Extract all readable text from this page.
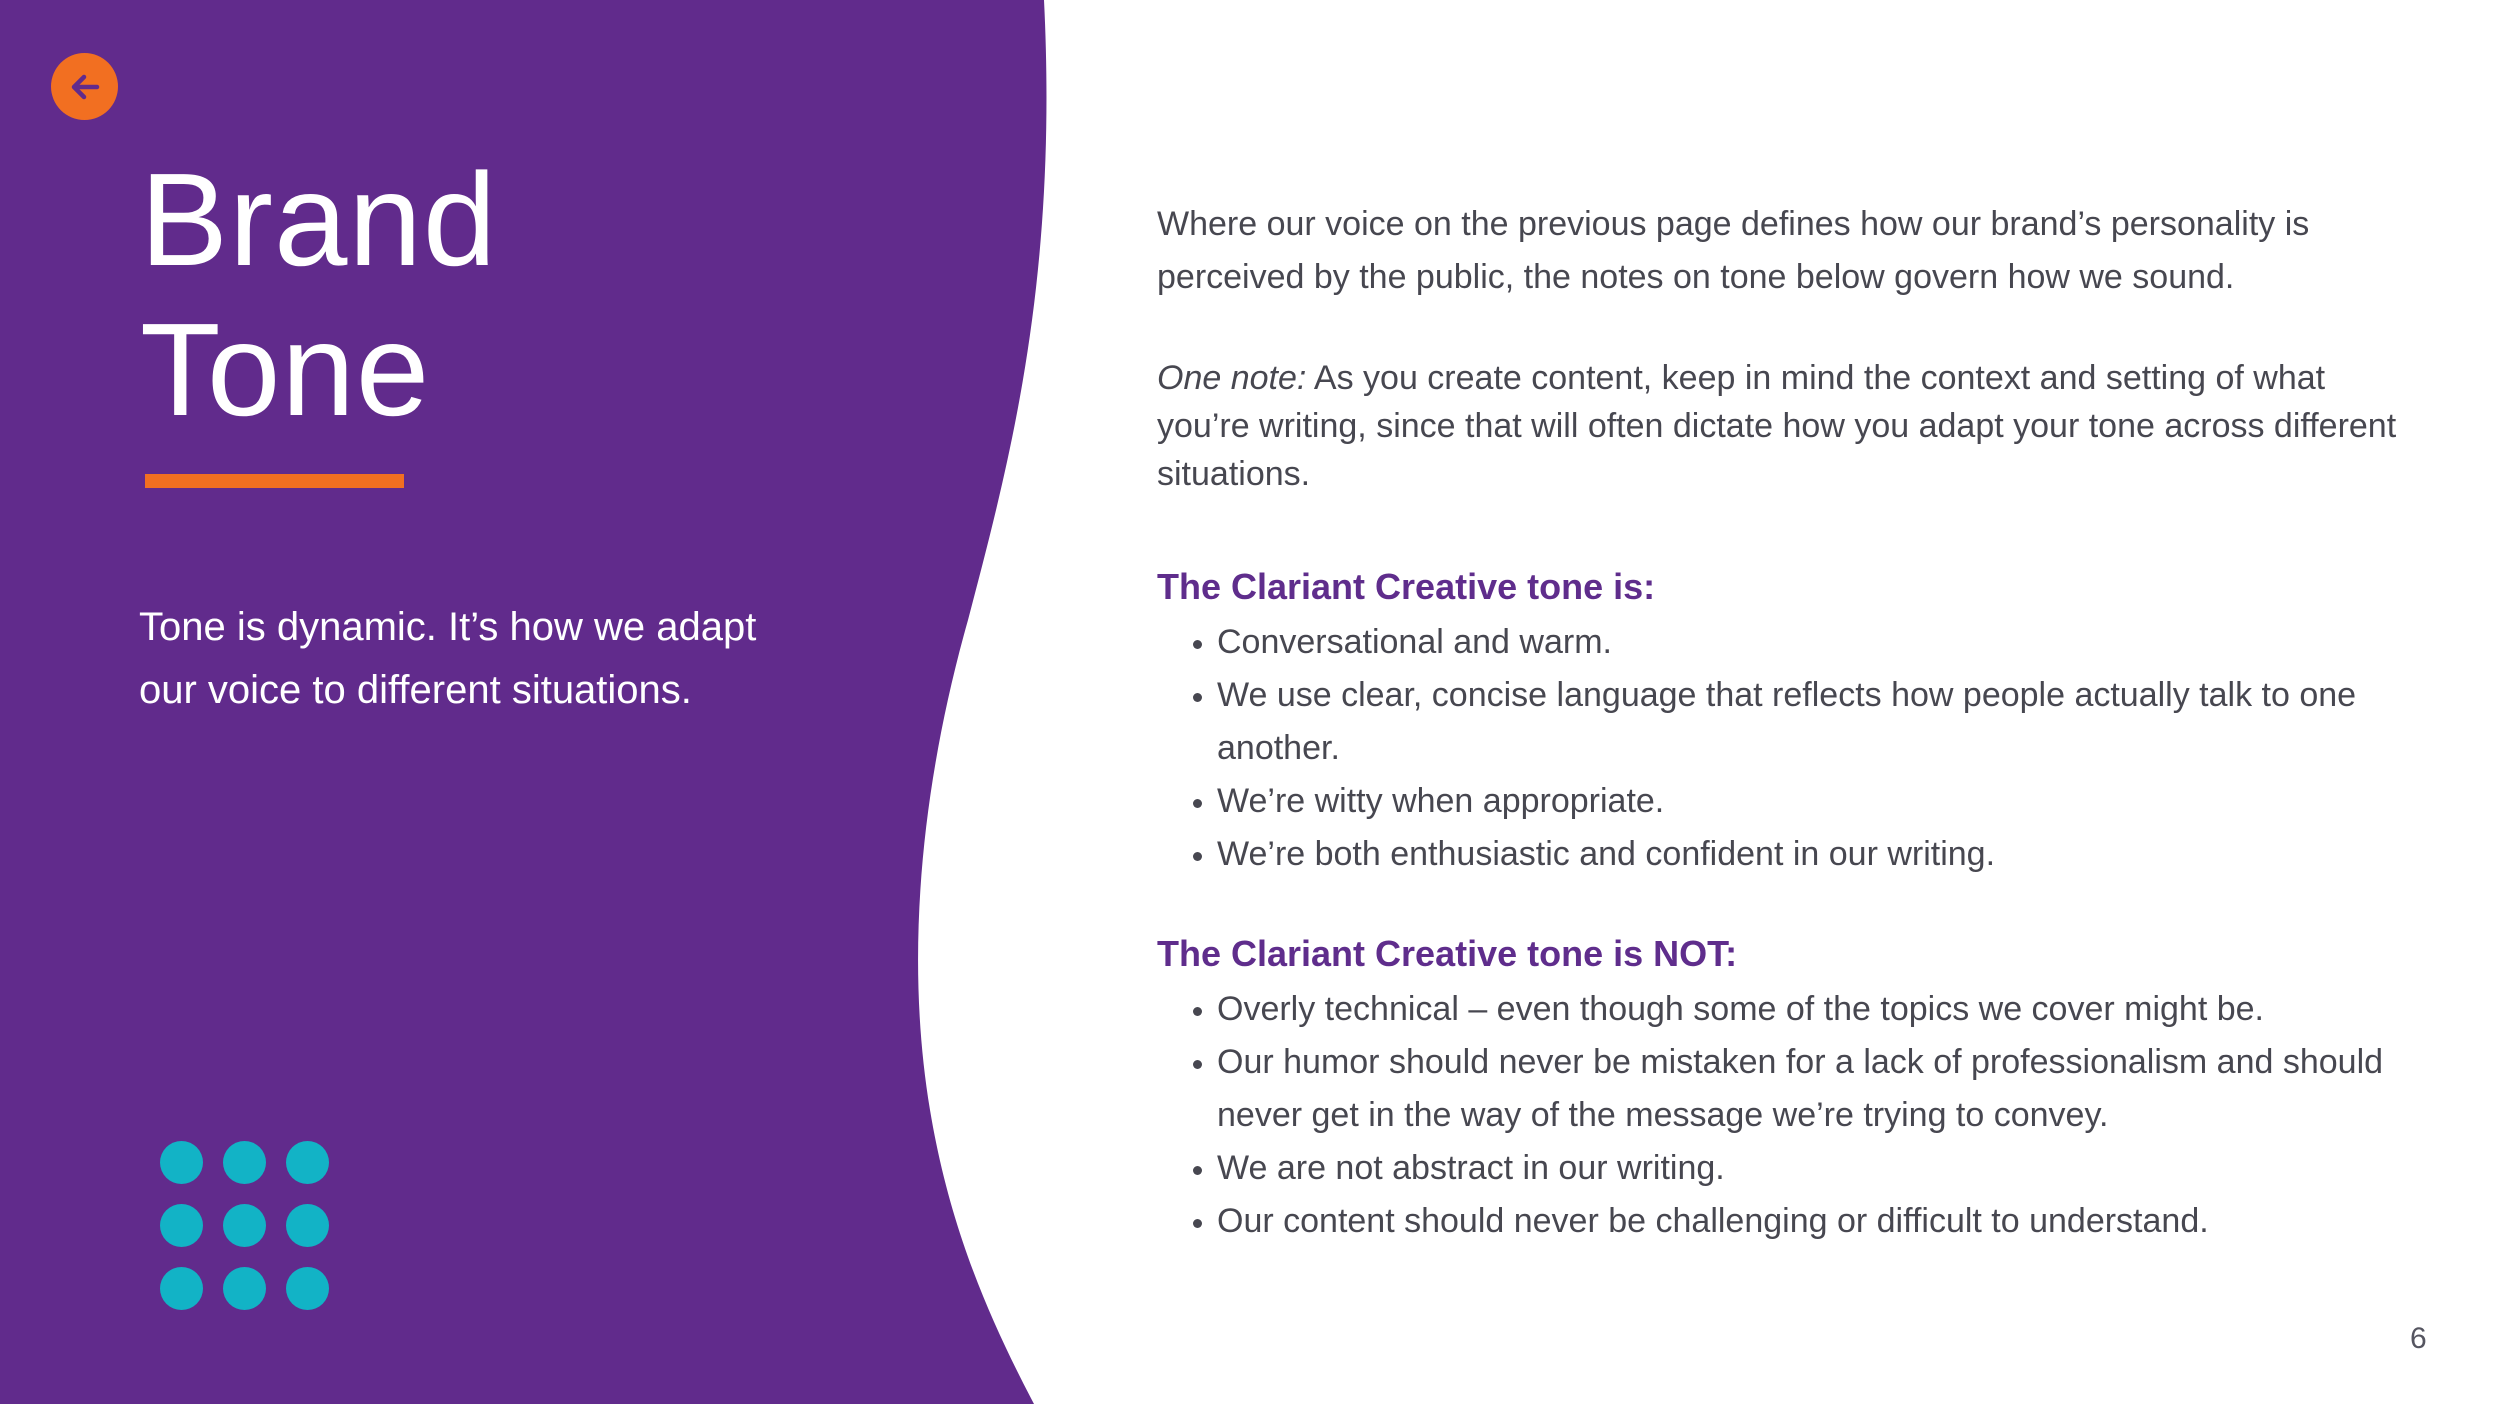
Brand
Tone

Tone is dynamic. It’s how we adapt
our voice to different situations.

Where our voice on the previous page defines how our brand’s personality is perceived by the public, the notes on tone below govern how we sound.

One note: As you create content, keep in mind the context and setting of what you’re writing, since that will often dictate how you adapt your tone across different situations.

The Clariant Creative tone is:
• Conversational and warm.
• We use clear, concise language that reflects how people actually talk to one another.
• We’re witty when appropriate.
• We’re both enthusiastic and confident in our writing.
The Clariant Creative tone is NOT:
• Overly technical – even though some of the topics we cover might be.
• Our humor should never be mistaken for a lack of professionalism and should never get in the way of the message we’re trying to convey.
• We are not abstract in our writing.
• Our content should never be challenging or difficult to understand.
6
